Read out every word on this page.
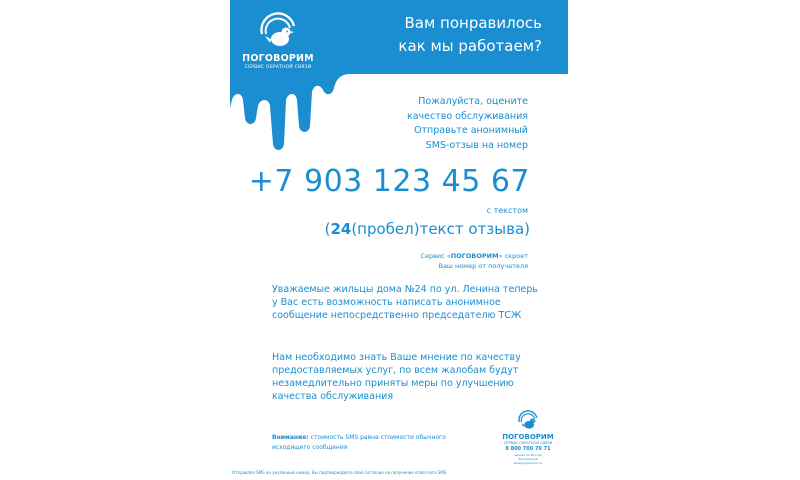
ПОГОВОРИМ
СЕРВИС ОБРАТНОЙ СВЯЗИ
Вам понравилось
как мы работаем?
Пожалуйста, оцените
качество обслуживания
Отправьте анонимный
SMS-отзыв на номер
+7 903 123 45 67
с текстом
(24(пробел)текст отзыва)
Сервис «ПОГОВОРИМ» скроет
Ваш номер от получателя
Уважаемые жильцы дома №24 по ул. Ленина теперь у Вас есть возможность написать анонимное сообщение непосредственно председателю ТСЖ
Нам необходимо знать Ваше мнение по качеству предоставляемых услуг, по всем жалобам будут незамедлительно приняты меры по улучшению качества обслуживания
Внимание: стоимость SMS равна стоимости обычного исходящего сообщения
ПОГОВОРИМ
СЕРВИС ОБРАТНОЙ СВЯЗИ
8 800 700 70 71
звонок по России
бесплатный
www.pogovorim.ru
Отправляя SMS на указанный номер, Вы подтверждаете своё согласие на получение ответного SMS
